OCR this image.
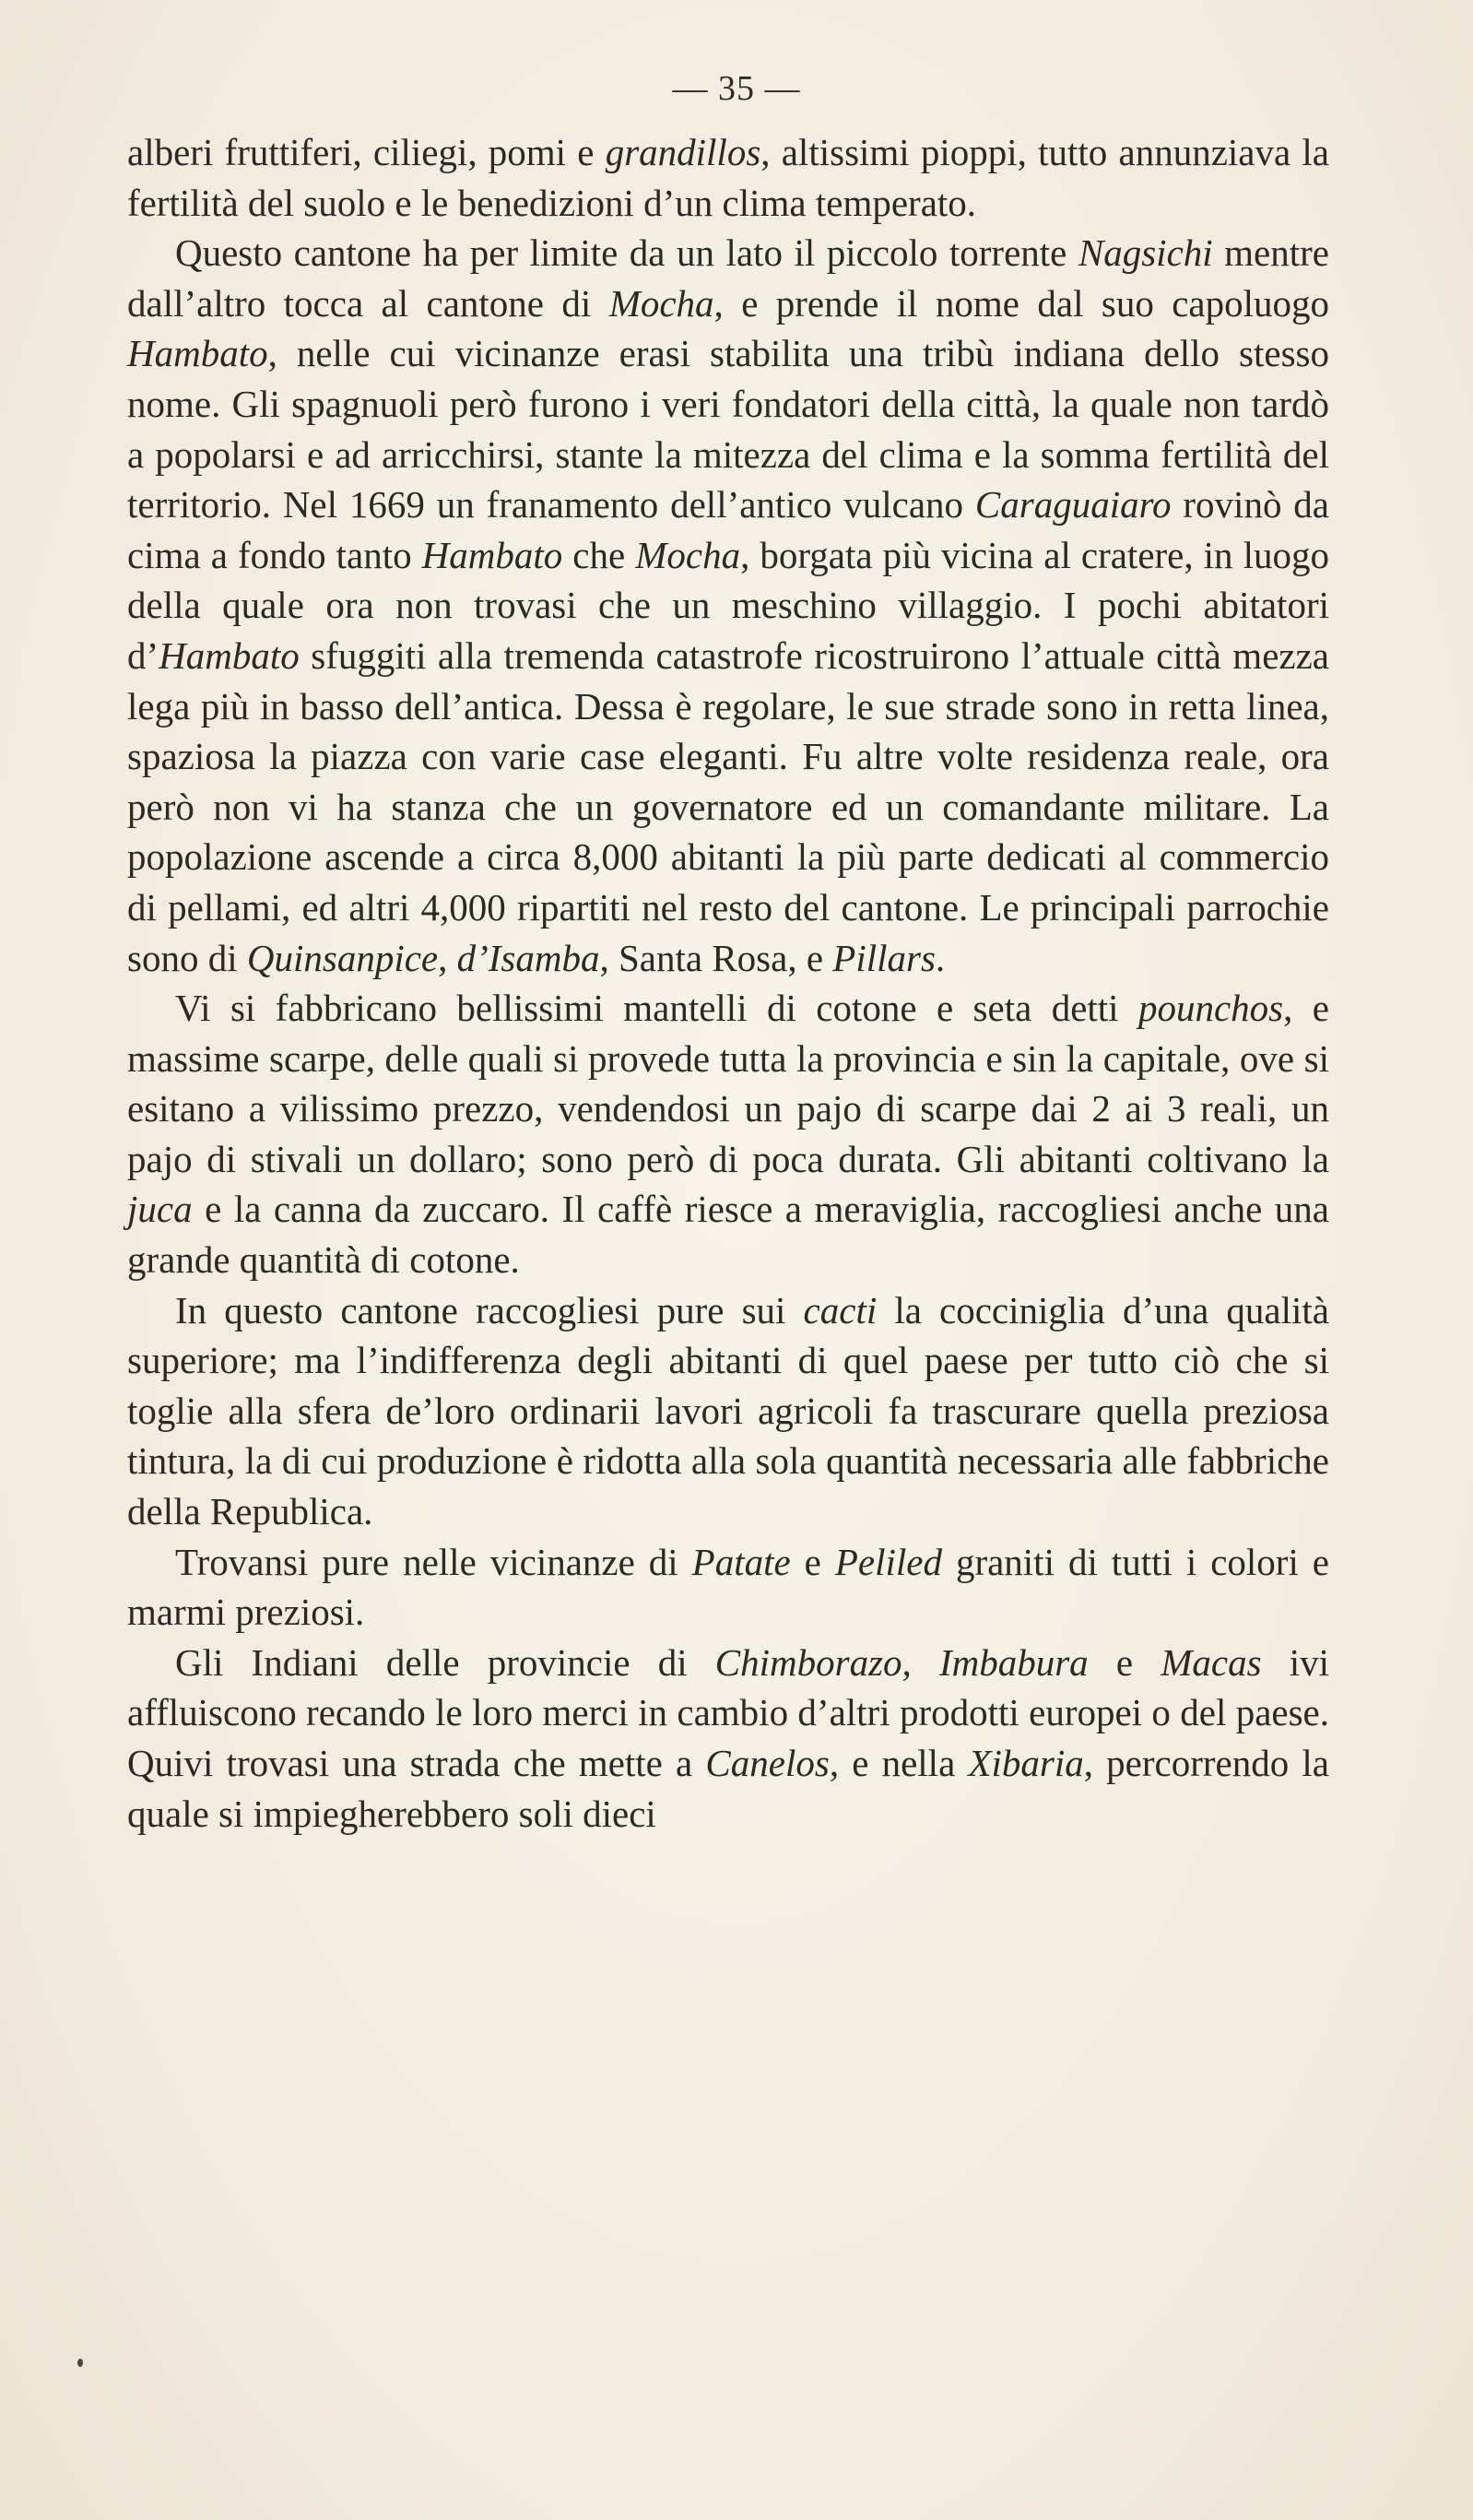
— 35 —

alberi fruttiferi, ciliegi, pomi e grandillos, altissimi pioppi, tutto annunziava la fertilità del suolo e le benedizioni d’un clima temperato.

Questo cantone ha per limite da un lato il piccolo torrente Nagsichi mentre dall’altro tocca al cantone di Mocha, e prende il nome dal suo capoluogo Hambato, nelle cui vicinanze erasi stabilita una tribù indiana dello stesso nome. Gli spagnuoli però furono i veri fondatori della città, la quale non tardò a popolarsi e ad arricchirsi, stante la mitezza del clima e la somma fertilità del territorio. Nel 1669 un franamento dell’antico vulcano Caraguaiaro rovinò da cima a fondo tanto Hambato che Mocha, borgata più vicina al cratere, in luogo della quale ora non trovasi che un meschino villaggio. I pochi abitatori d’Hambato sfuggiti alla tremenda catastrofe ricostruirono l’attuale città mezza lega più in basso dell’antica. Dessa è regolare, le sue strade sono in retta linea, spaziosa la piazza con varie case eleganti. Fu altre volte residenza reale, ora però non vi ha stanza che un governatore ed un comandante militare. La popolazione ascende a circa 8,000 abitanti la più parte dedicati al commercio di pellami, ed altri 4,000 ripartiti nel resto del cantone. Le principali parrochie sono di Quinsanpice, d’Isamba, Santa Rosa, e Pillars.

Vi si fabbricano bellissimi mantelli di cotone e seta detti pounchos, e massime scarpe, delle quali si provede tutta la provincia e sin la capitale, ove si esitano a vilissimo prezzo, vendendosi un pajo di scarpe dai 2 ai 3 reali, un pajo di stivali un dollaro; sono però di poca durata. Gli abitanti coltivano la juca e la canna da zuccaro. Il caffè riesce a meraviglia, raccogliesi anche una grande quantità di cotone.

In questo cantone raccogliesi pure sui cacti la cocciniglia d’una qualità superiore; ma l’indifferenza degli abitanti di quel paese per tutto ciò che si toglie alla sfera de’loro ordinarii lavori agricoli fa trascurare quella preziosa tintura, la di cui produzione è ridotta alla sola quantità necessaria alle fabbriche della Republica.

Trovansi pure nelle vicinanze di Patate e Peliled graniti di tutti i colori e marmi preziosi.

Gli Indiani delle provincie di Chimborazo, Imbabura e Macas ivi affluiscono recando le loro merci in cambio d’altri prodotti europei o del paese. Quivi trovasi una strada che mette a Canelos, e nella Xibaria, percorrendo la quale si impiegherebbero soli dieci
